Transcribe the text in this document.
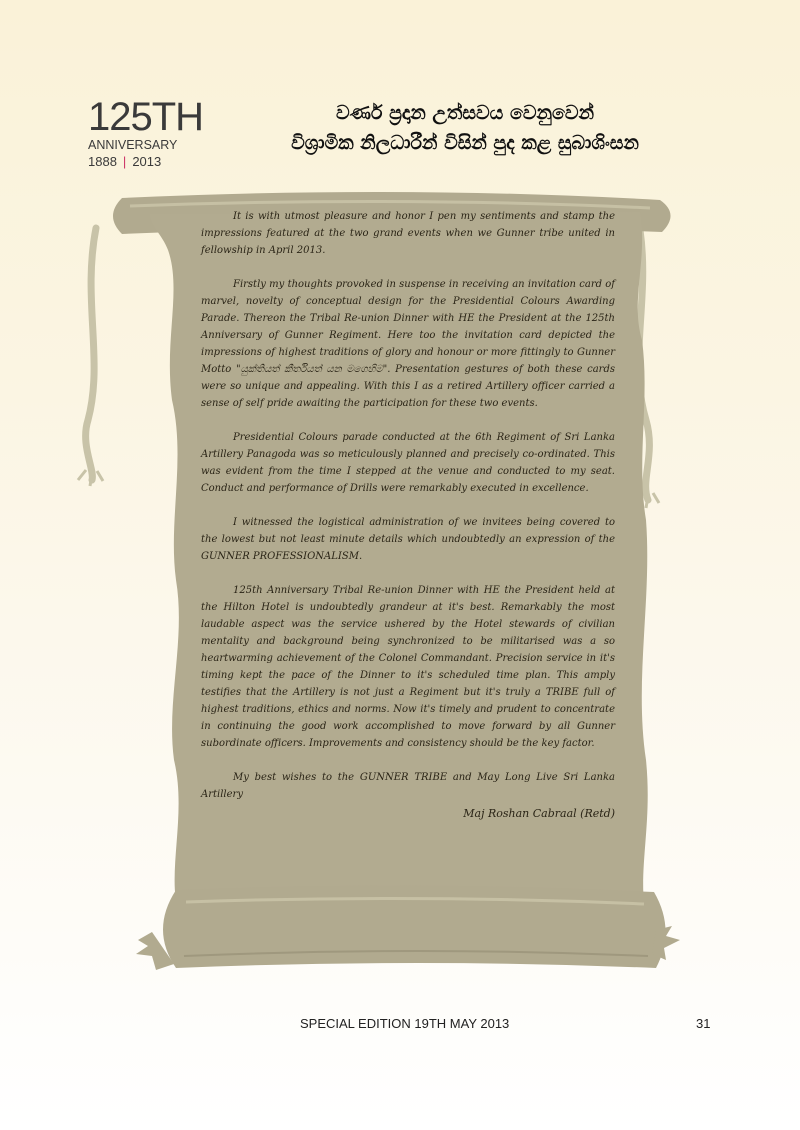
125TH
ANNIVERSARY
1888 | 2013
වර්ණ ප්‍රදාන උත්සවය වෙනුවෙන්
විශ්‍රාමික නිලධාරීන් විසින් පුද කළ සුබාශිංසන

It is with utmost pleasure and honor I pen my sentiments and stamp the impressions featured at the two grand events when we Gunner tribe united in fellowship in April 2013.

Firstly my thoughts provoked in suspense in receiving an invitation card of marvel, novelty of conceptual design for the Presidential Colours Awarding Parade. Thereon the Tribal Re-union Dinner with HE the President at the 125th Anniversary of Gunner Regiment. Here too the invitation card depicted the impressions of highest traditions of glory and honour or more fittingly to Gunner Motto "යුක්තියත් කීර්තියත් යන මගෙහිම". Presentation gestures of both these cards were so unique and appealing. With this I as a retired Artillery officer carried a sense of self pride awaiting the participation for these two events.

Presidential Colours parade conducted at the 6th Regiment of Sri Lanka Artillery Panagoda was so meticulously planned and precisely co-ordinated. This was evident from the time I stepped at the venue and conducted to my seat. Conduct and performance of Drills were remarkably executed in excellence.

I witnessed the logistical administration of we invitees being covered to the lowest but not least minute details which undoubtedly an expression of the GUNNER PROFESSIONALISM.

125th Anniversary Tribal Re-union Dinner with HE the President held at the Hilton Hotel is undoubtedly grandeur at it's best. Remarkably the most laudable aspect was the service ushered by the Hotel stewards of civilian mentality and background being synchronized to be militarised was a so heartwarming achievement of the Colonel Commandant. Precision service in it's timing kept the pace of the Dinner to it's scheduled time plan. This amply testifies that the Artillery is not just a Regiment but it's truly a TRIBE full of highest traditions, ethics and norms. Now it's timely and prudent to concentrate in continuing the good work accomplished to move forward by all Gunner subordinate officers. Improvements and consistency should be the key factor.

My best wishes to the GUNNER TRIBE and May Long Live Sri Lanka Artillery

Maj Roshan Cabraal (Retd)
SPECIAL EDITION 19TH MAY 2013	31
